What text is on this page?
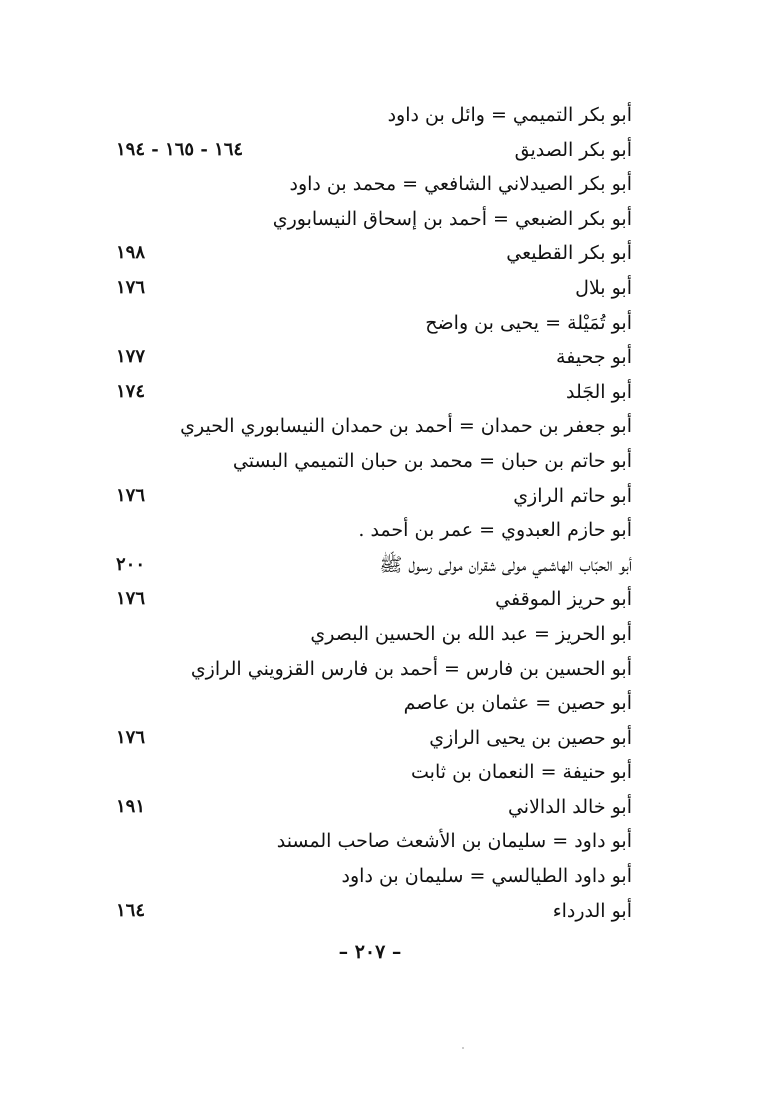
أبو بكر التميمي = وائل بن داود
أبو بكر الصديق
١٦٤ - ١٦٥ - ١٩٤
أبو بكر الصيدلاني الشافعي = محمد بن داود
أبو بكر الضبعي = أحمد بن إسحاق النيسابوري
أبو بكر القطيعي
١٩٨
أبو بلال
١٧٦
أبو تُمَيْلة = يحيى بن واضح
أبو جحيفة
١٧٧
أبو الجَلد
١٧٤
أبو جعفر بن حمدان = أحمد بن حمدان النيسابوري الحيري
أبو حاتم بن حبان = محمد بن حبان التميمي البستي
أبو حاتم الرازي
١٧٦
أبو حازم العبدوي = عمر بن أحمد .
أبو الحبّاب الهاشمي مولى شقران مولى رسول ﷺ
٢٠٠
أبو حريز الموقفي
١٧٦
أبو الحريز = عبد الله بن الحسين البصري
أبو الحسين بن فارس = أحمد بن فارس القزويني الرازي
أبو حصين = عثمان بن عاصم
أبو حصين بن يحيى الرازي
١٧٦
أبو حنيفة = النعمان بن ثابت
أبو خالد الدالاني
١٩١
أبو داود = سليمان بن الأشعث صاحب المسند
أبو داود الطيالسي = سليمان بن داود
أبو الدرداء
١٦٤
– ٢٠٧ –
